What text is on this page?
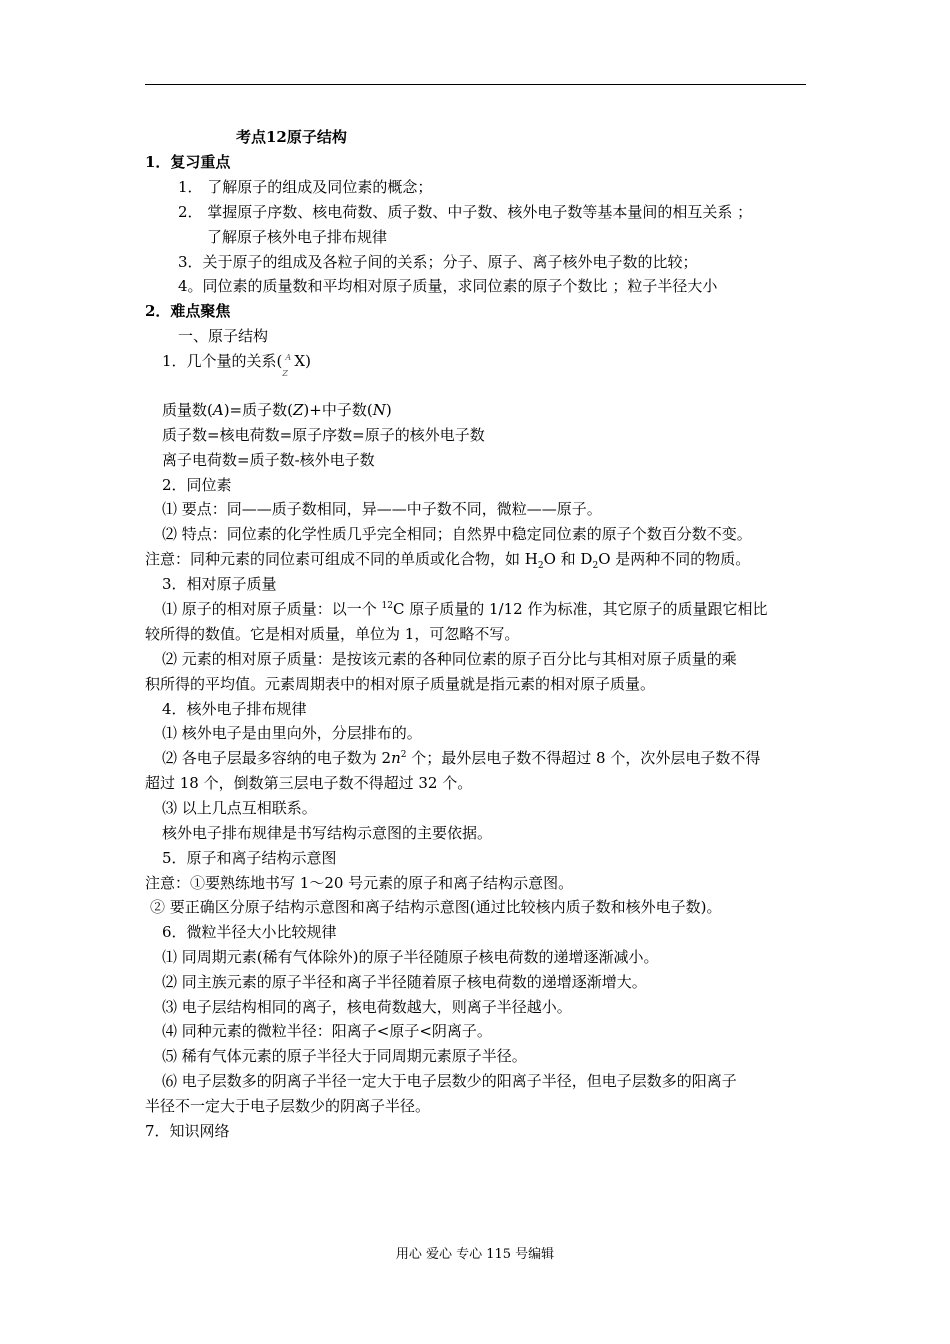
考点12原子结构
1．复习重点
1． 了解原子的组成及同位素的概念；
2． 掌握原子序数、核电荷数、质子数、中子数、核外电子数等基本量间的相互关系 ；
了解原子核外电子排布规律
3．关于原子的组成及各粒子间的关系；分子、原子、离子核外电子数的比较；
4。同位素的质量数和平均相对原子质量，求同位素的原子个数比 ；粒子半径大小
2．难点聚焦
一、原子结构
1．几个量的关系( A
Z
X)
质量数(A)=质子数(Z)+中子数(N)
质子数=核电荷数=原子序数=原子的核外电子数
离子电荷数=质子数-核外电子数
2．同位素
⑴ 要点：同——质子数相同，异——中子数不同，微粒——原子。
⑵ 特点：同位素的化学性质几乎完全相同；自然界中稳定同位素的原子个数百分数不变。
注意：同种元素的同位素可组成不同的单质或化合物，如 $H_2O$ 和 $D_2O$ 是两种不同的物质。
3．相对原子质量
⑴ 原子的相对原子质量：以一个 $^{12}$C 原子质量的 1/12 作为标准，其它原子的质量跟它相比
较所得的数值。它是相对质量，单位为 1，可忽略不写。
⑵ 元素的相对原子质量：是按该元素的各种同位素的原子百分比与其相对原子质量的乘
积所得的平均值。元素周期表中的相对原子质量就是指元素的相对原子质量。
4．核外电子排布规律
⑴ 核外电子是由里向外，分层排布的。
⑵ 各电子层最多容纳的电子数为 $2n^2$ 个；最外层电子数不得超过 8 个，次外层电子数不得
超过 18 个，倒数第三层电子数不得超过 32 个。
⑶ 以上几点互相联系。
核外电子排布规律是书写结构示意图的主要依据。
5．原子和离子结构示意图
注意：①要熟练地书写 1～20 号元素的原子和离子结构示意图。
② 要正确区分原子结构示意图和离子结构示意图(通过比较核内质子数和核外电子数)。
6．微粒半径大小比较规律
⑴ 同周期元素(稀有气体除外)的原子半径随原子核电荷数的递增逐渐减小。
⑵ 同主族元素的原子半径和离子半径随着原子核电荷数的递增逐渐增大。
⑶ 电子层结构相同的离子，核电荷数越大，则离子半径越小。
⑷ 同种元素的微粒半径：阳离子<原子<阴离子。
⑸ 稀有气体元素的原子半径大于同周期元素原子半径。
⑹ 电子层数多的阴离子半径一定大于电子层数少的阳离子半径，但电子层数多的阳离子
半径不一定大于电子层数少的阴离子半径。
7．知识网络
用心 爱心 专心 115 号编辑
